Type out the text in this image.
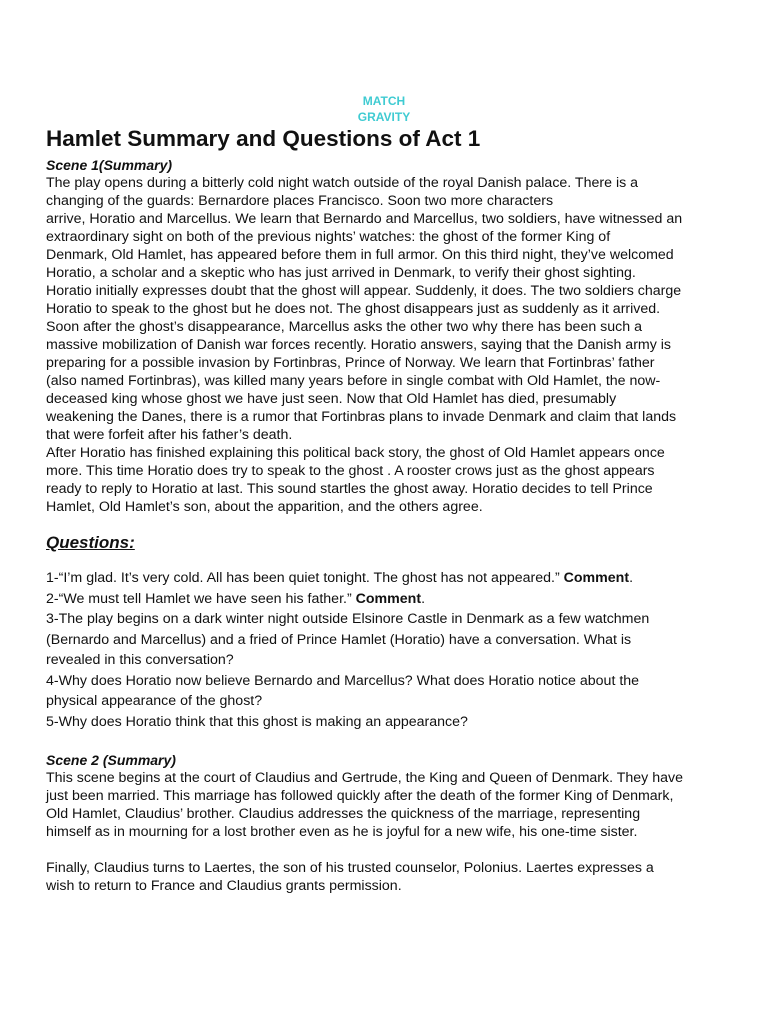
MATCH
GRAVITY
Hamlet Summary and Questions of Act 1

Scene 1(Summary)

The play opens during a bitterly cold night watch outside of the royal Danish palace. There is a
changing of the guards: Bernardore places Francisco. Soon two more characters
arrive, Horatio and Marcellus. We learn that Bernardo and Marcellus, two soldiers, have witnessed an
extraordinary sight on both of the previous nights’ watches: the ghost of the former King of
Denmark, Old Hamlet, has appeared before them in full armor. On this third night, they’ve welcomed
Horatio, a scholar and a skeptic who has just arrived in Denmark, to verify their ghost sighting.
Horatio initially expresses doubt that the ghost will appear. Suddenly, it does. The two soldiers charge
Horatio to speak to the ghost but he does not. The ghost disappears just as suddenly as it arrived.
Soon after the ghost’s disappearance, Marcellus asks the other two why there has been such a
massive mobilization of Danish war forces recently. Horatio answers, saying that the Danish army is
preparing for a possible invasion by Fortinbras, Prince of Norway. We learn that Fortinbras’ father
(also named Fortinbras), was killed many years before in single combat with Old Hamlet, the now-
deceased king whose ghost we have just seen. Now that Old Hamlet has died, presumably
weakening the Danes, there is a rumor that Fortinbras plans to invade Denmark and claim that lands
that were forfeit after his father’s death.
After Horatio has finished explaining this political back story, the ghost of Old Hamlet appears once
more. This time Horatio does try to speak to the ghost . A rooster crows just as the ghost appears
ready to reply to Horatio at last. This sound startles the ghost away. Horatio decides to tell Prince
Hamlet, Old Hamlet’s son, about the apparition, and the others agree.

Questions:

1-“I’m glad. It’s very cold. All has been quiet tonight. The ghost has not appeared.” Comment.
2-“We must tell Hamlet we have seen his father.” Comment.
3-The play begins on a dark winter night outside Elsinore Castle in Denmark as a few watchmen
(Bernardo and Marcellus) and a fried of Prince Hamlet (Horatio) have a conversation. What is
revealed in this conversation?
4-Why does Horatio now believe Bernardo and Marcellus? What does Horatio notice about the
physical appearance of the ghost?
5-Why does Horatio think that this ghost is making an appearance?

Scene 2 (Summary)

This scene begins at the court of Claudius and Gertrude, the King and Queen of Denmark. They have
just been married. This marriage has followed quickly after the death of the former King of Denmark,
Old Hamlet, Claudius’ brother. Claudius addresses the quickness of the marriage, representing
himself as in mourning for a lost brother even as he is joyful for a new wife, his one-time sister.

Finally, Claudius turns to Laertes, the son of his trusted counselor, Polonius. Laertes expresses a
wish to return to France and Claudius grants permission.
